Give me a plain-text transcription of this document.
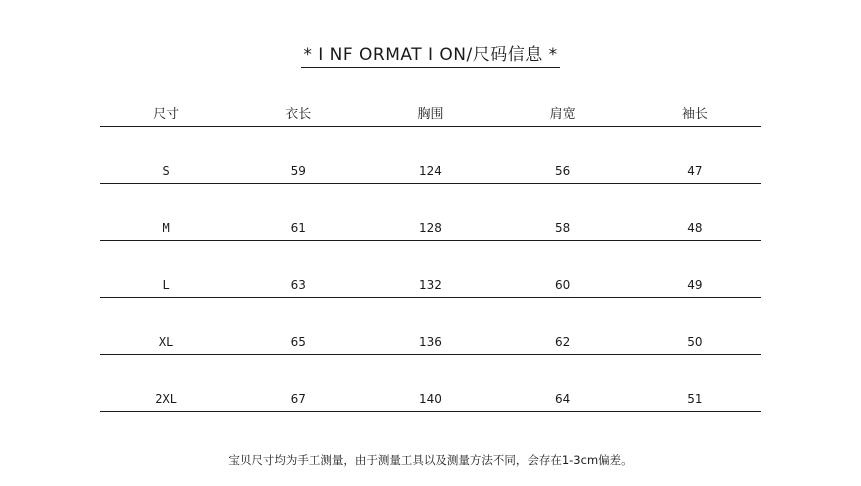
* I NF ORMAT I ON/尺码信息 *
尺寸	衣长	胸围	肩宽	袖长
S	59	124	56	47
M	61	128	58	48
L	63	132	60	49
XL	65	136	62	50
2XL	67	140	64	51
宝贝尺寸均为手工测量，由于测量工具以及测量方法不同，会存在1-3cm偏差。
